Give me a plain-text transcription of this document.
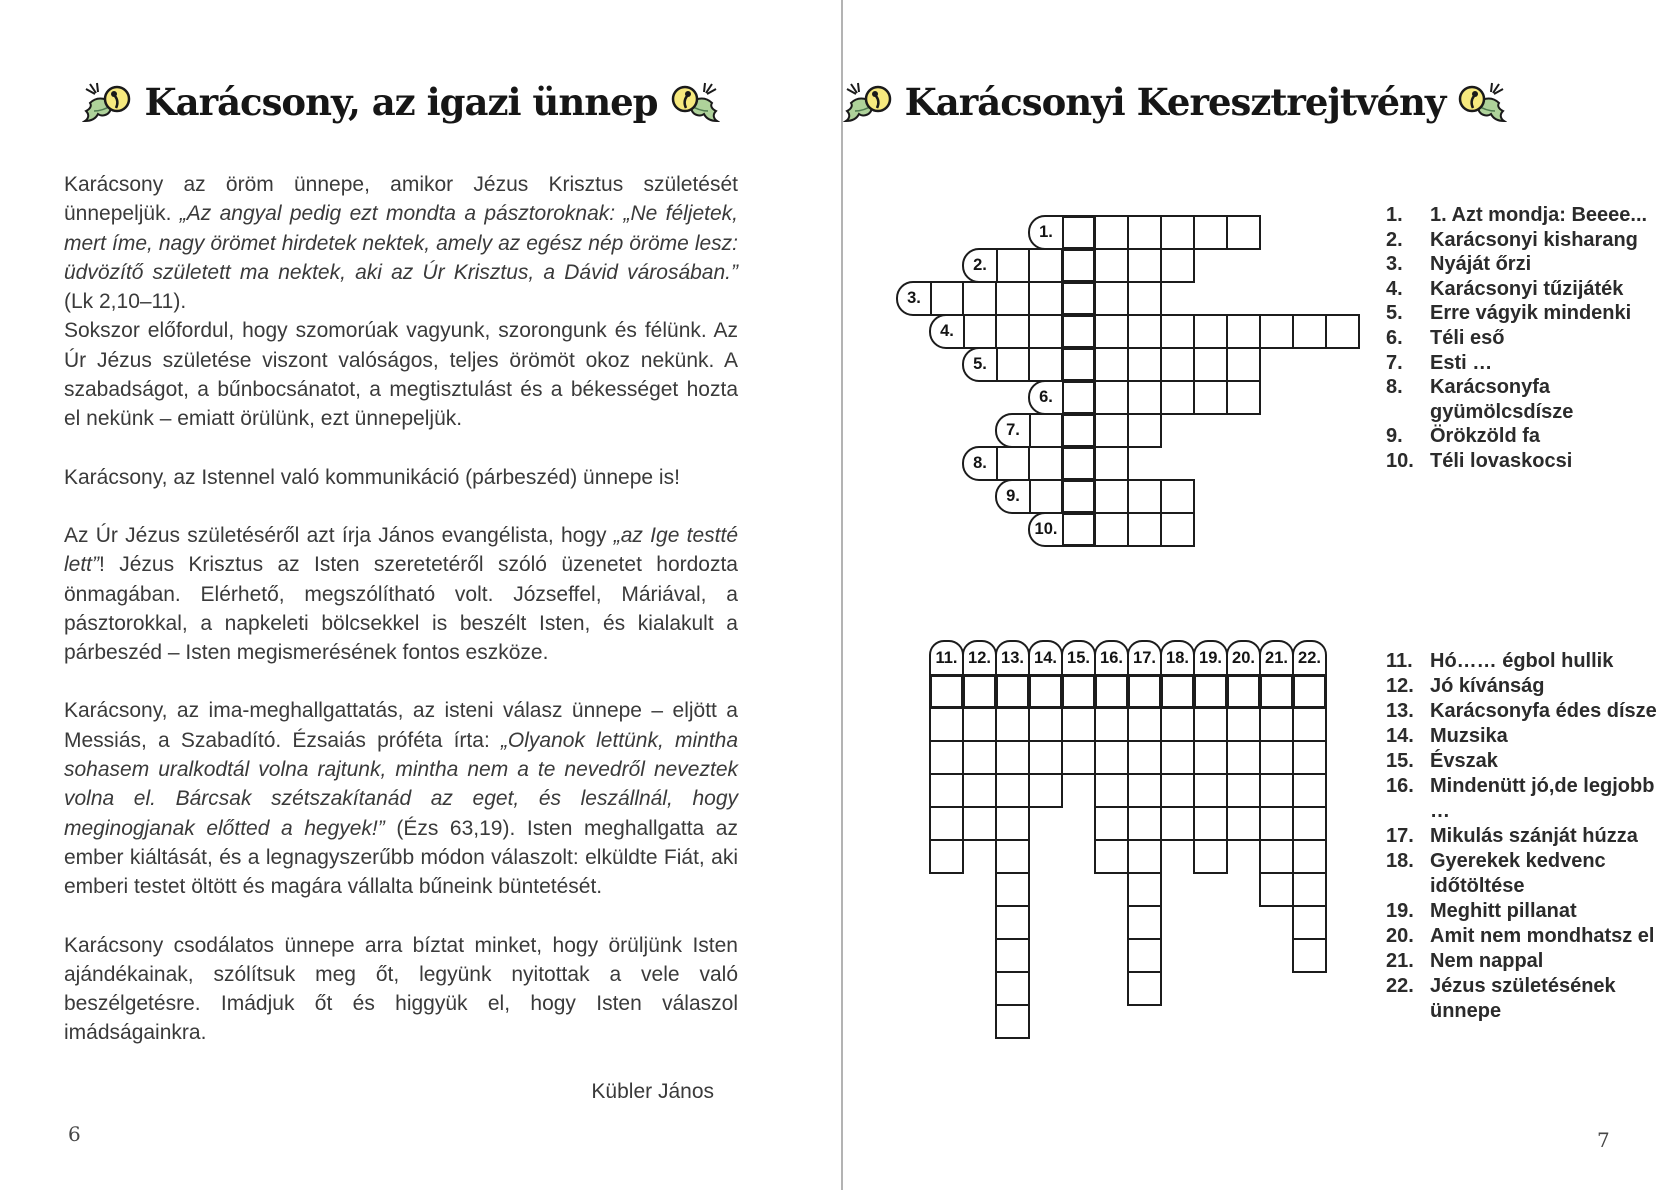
Karácsony, az igazi ünnep

Karácsony az öröm ünnepe, amikor Jézus Krisztus születését ünnepeljük. „Az angyal pedig ezt mondta a pásztoroknak: „Ne féljetek, mert íme, nagy örömet hirdetek nektek, amely az egész nép öröme lesz: üdvözítő született ma nektek, aki az Úr Krisztus, a Dávid városában.” (Lk 2,10–11).

Sokszor előfordul, hogy szomorúak vagyunk, szorongunk és félünk. Az Úr Jézus születése viszont valóságos, teljes örömöt okoz nekünk. A szabadságot, a bűnbocsánatot, a megtisztulást és a békességet hozta el nekünk – emiatt örülünk, ezt ünnepeljük.

Karácsony, az Istennel való kommunikáció (párbeszéd) ünnepe is!

Az Úr Jézus születéséről azt írja János evangélista, hogy „az Ige testté lett”! Jézus Krisztus az Isten szeretetéről szóló üzenetet hordozta önmagában. Elérhető, megszólítható volt. Józseffel, Máriával, a pásztorokkal, a napkeleti bölcsekkel is beszélt Isten, és kialakult a párbeszéd – Isten megismerésének fontos eszköze.

Karácsony, az ima-meghallgattatás, az isteni válasz ünnepe – eljött a Messiás, a Szabadító. Ézsaiás próféta írta: „Olyanok lettünk, mintha sohasem uralkodtál volna rajtunk, mintha nem a te nevedről neveztek volna el. Bárcsak szétszakítanád az eget, és leszállnál, hogy meginogjanak előtted a hegyek!” (Ézs 63,19). Isten meghallgatta az ember kiáltását, és a legnagyszerűbb módon válaszolt: elküldte Fiát, aki emberi testet öltött és magára vállalta bűneink büntetését.

Karácsony csodálatos ünnepe arra bíztat minket, hogy örüljünk Isten ajándékainak, szólítsuk meg őt, legyünk nyitottak a vele való beszélgetésre. Imádjuk őt és higgyük el, hogy Isten válaszol imádságainkra.

Kübler János

6
Karácsonyi Keresztrejtvény
1.
2.
3.
4.
5.
6.
7.
8.
9.
10.
11. 12. 13. 14. 15. 16. 17. 18. 19. 20. 21. 22.
1.	1. Azt mondja: Beeee...
2.	Karácsonyi kisharang
3.	Nyáját őrzi
4.	Karácsonyi tűzijáték
5.	Erre vágyik mindenki
6.	Téli eső
7.	Esti …
8.	Karácsonyfa gyümölcsdísze
9.	Örökzöld fa
10. Téli lovaskocsi
11. Hó…… égbol hullik
12. Jó kívánság
13. Karácsonyfa édes dísze
14. Muzsika
15. Évszak
16. Mindenütt jó,de legjobb …
17. Mikulás szánját húzza
18. Gyerekek kedvenc időtöltése
19. Meghitt pillanat
20. Amit nem mondhatsz el
21. Nem nappal
22. Jézus születésének ünnepe
7
